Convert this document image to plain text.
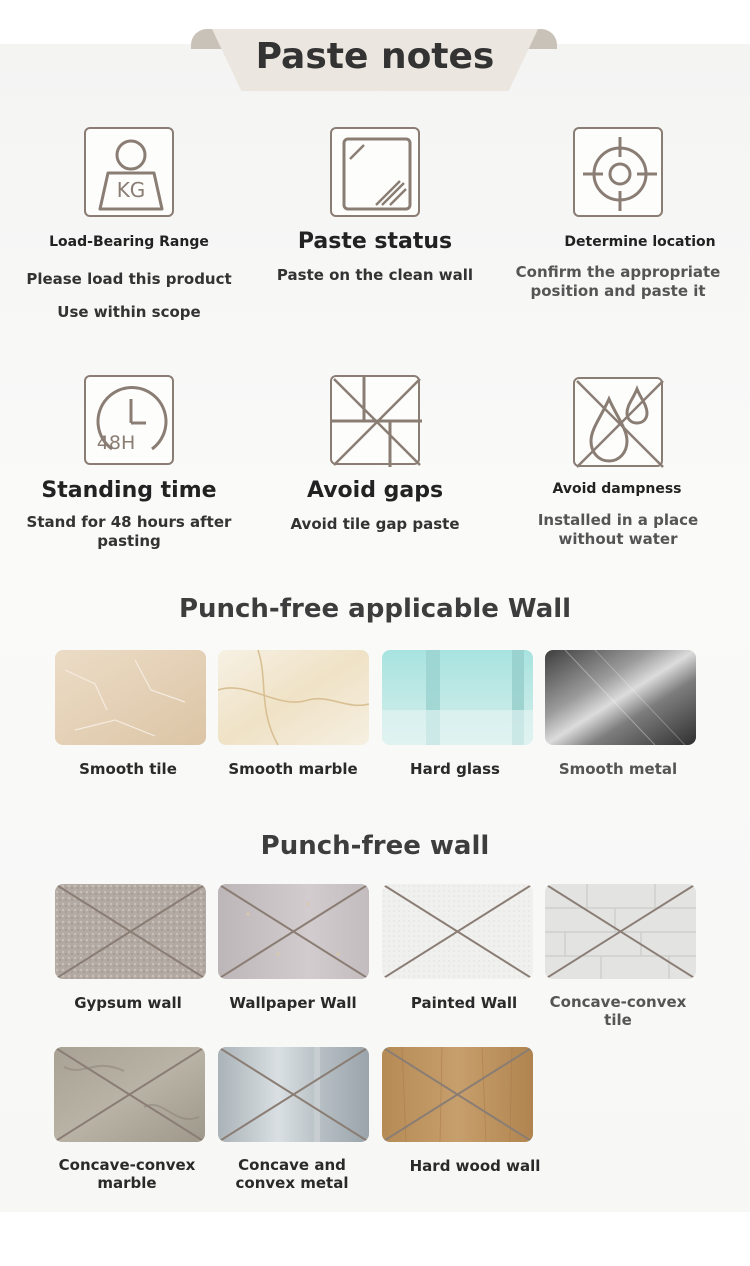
Paste notes
KG
Load-Bearing Range
Please load this product
Use within scope
Paste status
Paste on the clean wall
Determine location
Confirm the appropriate position and paste it
48H
Standing time
Stand for 48 hours after pasting
Avoid gaps
Avoid tile gap paste
Avoid dampness
Installed in a place without water
Punch-free applicable Wall
Smooth tile	Smooth marble	Hard glass	Smooth metal
Punch-free wall
Gypsum wall	Wallpaper Wall	Painted Wall	Concave-convex tile
Concave-convex marble
Concave and convex metal
Hard wood wall
